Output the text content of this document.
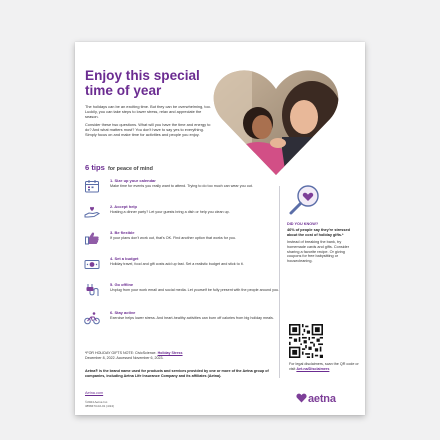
Enjoy this special time of year

The holidays can be an exciting time. But they can be overwhelming, too. Luckily, you can take steps to lower stress, relax and appreciate the season.

Consider these two questions. What will you have the time and energy to do? And what matters most? You don't have to say yes to everything. Simply focus on and make time for activities and people you enjoy.

6 tips for peace of mind
1. Size up your calendar
Make time for events you really want to attend. Trying to do too much can wear you out.
2. Accept help
Hosting a dinner party? Let your guests bring a dish or help you clean up.
3. Be flexible
If your plans don't work out, that's OK. Find another option that works for you.
4. Set a budget
Holiday travel, food and gift costs add up fast. Set a realistic budget and stick to it.
5. Go offline
Unplug from your work email and social media. Let yourself be fully present with the people around you.
6. Stay active
Exercise helps lower stress. And heart-healthy activities can burn off calories from big holiday meals.
DID YOU KNOW?
46% of people say they're stressed about the cost of holiday gifts.*
Instead of breaking the bank, try homemade cards and gifts. Consider sharing a favorite recipe. Or giving coupons for free babysitting or housecleaning.
For legal disclaimers, scan the QR code or visit Aet.na/Disclaimers
*FOR HOLIDAY GIFTS NOTE: CivicScience. Holiday Stress
December 8, 2022. Accessed November 6, 2023.
Aetna® is the brand name used for products and services provided by one or more of the Aetna group of companies, including Aetna Life Insurance Company and its affiliates (Aetna).
Aetna.com
©2024 Aetna Inc.
3858473-02-01 (4/24)
aetna
